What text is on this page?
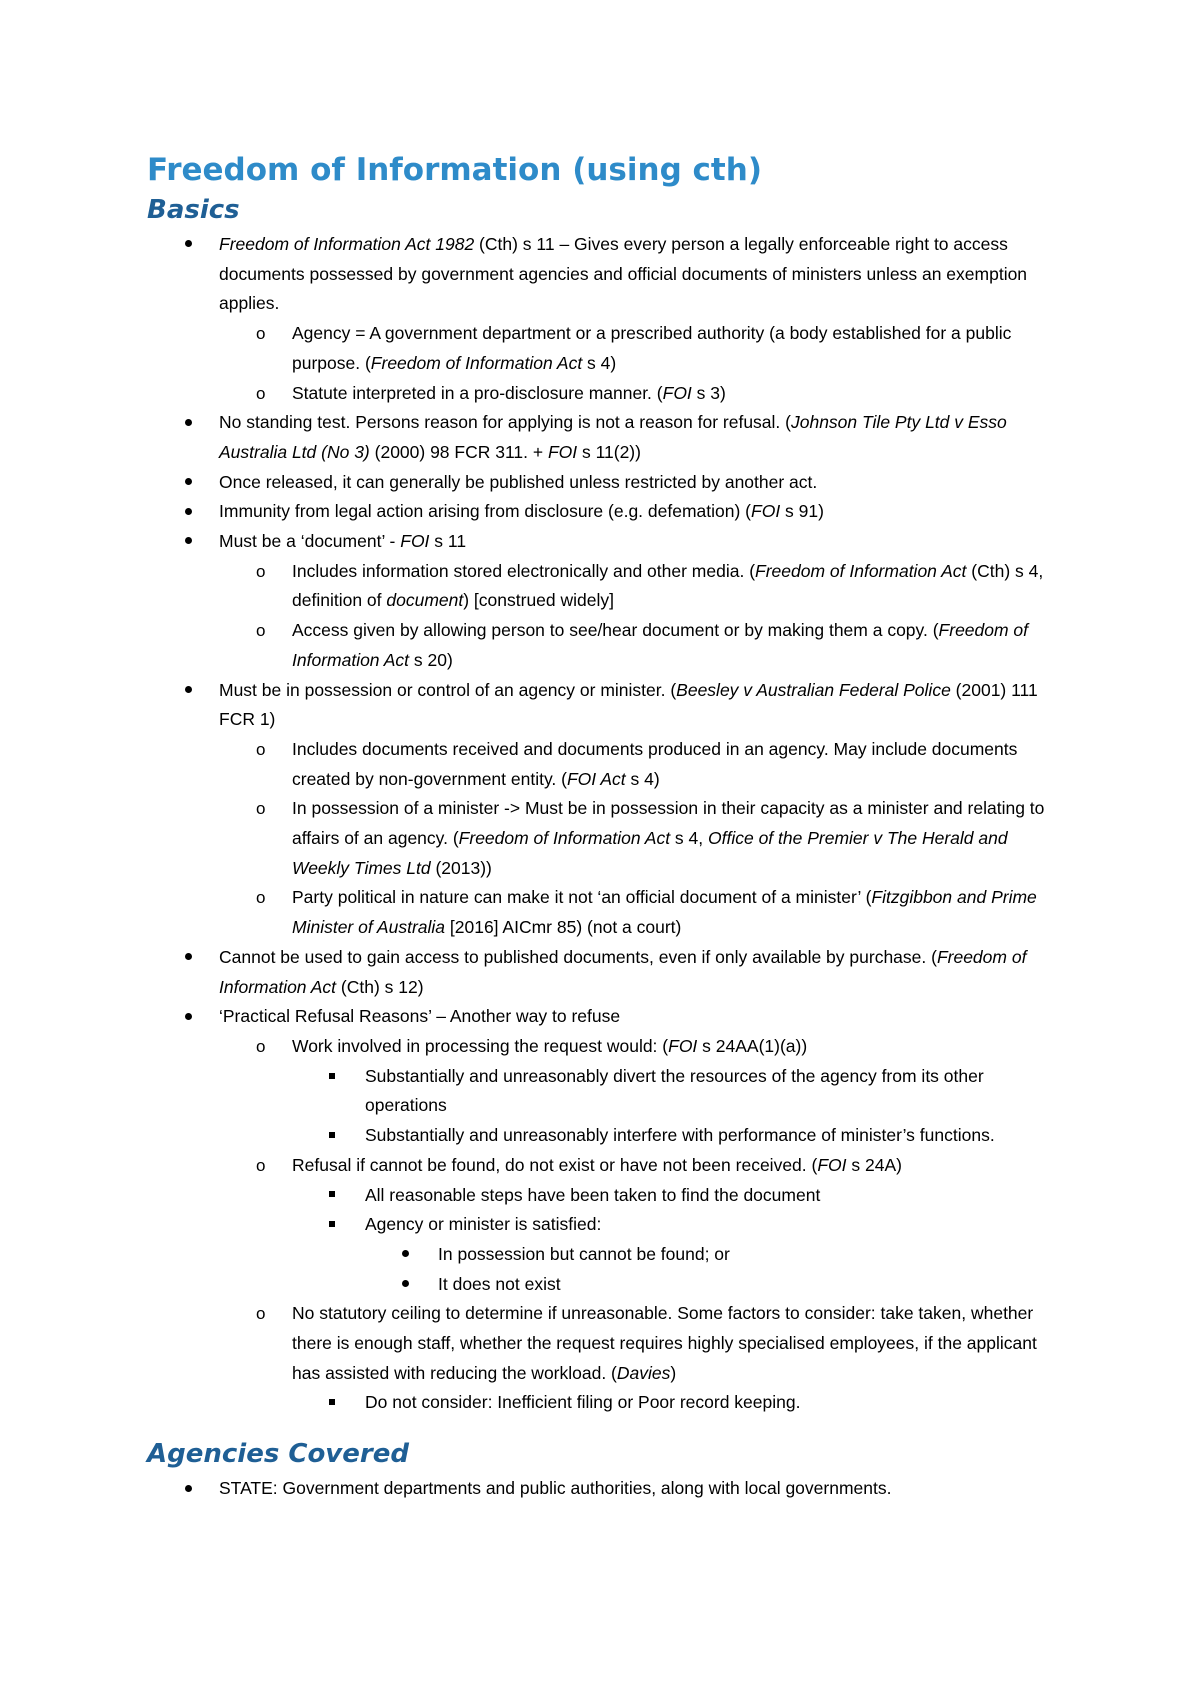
Freedom of Information (using cth)
Basics
Freedom of Information Act 1982 (Cth) s 11 – Gives every person a legally enforceable right to access documents possessed by government agencies and official documents of ministers unless an exemption applies.
o Agency = A government department or a prescribed authority (a body established for a public purpose. (Freedom of Information Act s 4)
o Statute interpreted in a pro-disclosure manner. (FOI s 3)
No standing test. Persons reason for applying is not a reason for refusal. (Johnson Tile Pty Ltd v Esso Australia Ltd (No 3) (2000) 98 FCR 311. + FOI s 11(2))
Once released, it can generally be published unless restricted by another act.
Immunity from legal action arising from disclosure (e.g. defemation) (FOI s 91)
Must be a ‘document’ - FOI s 11
o Includes information stored electronically and other media. (Freedom of Information Act (Cth) s 4, definition of document) [construed widely]
o Access given by allowing person to see/hear document or by making them a copy. (Freedom of Information Act s 20)
Must be in possession or control of an agency or minister. (Beesley v Australian Federal Police (2001) 111 FCR 1)
o Includes documents received and documents produced in an agency. May include documents created by non-government entity. (FOI Act s 4)
o In possession of a minister -> Must be in possession in their capacity as a minister and relating to affairs of an agency. (Freedom of Information Act s 4, Office of the Premier v The Herald and Weekly Times Ltd (2013))
o Party political in nature can make it not ‘an official document of a minister’ (Fitzgibbon and Prime Minister of Australia [2016] AICmr 85) (not a court)
Cannot be used to gain access to published documents, even if only available by purchase. (Freedom of Information Act (Cth) s 12)
‘Practical Refusal Reasons’ – Another way to refuse
o Work involved in processing the request would: (FOI s 24AA(1)(a))
Substantially and unreasonably divert the resources of the agency from its other operations
Substantially and unreasonably interfere with performance of minister’s functions.
o Refusal if cannot be found, do not exist or have not been received. (FOI s 24A)
All reasonable steps have been taken to find the document
Agency or minister is satisfied:
In possession but cannot be found; or
It does not exist
o No statutory ceiling to determine if unreasonable. Some factors to consider: take taken, whether there is enough staff, whether the request requires highly specialised employees, if the applicant has assisted with reducing the workload. (Davies)
Do not consider: Inefficient filing or Poor record keeping.
Agencies Covered
STATE: Government departments and public authorities, along with local governments.
